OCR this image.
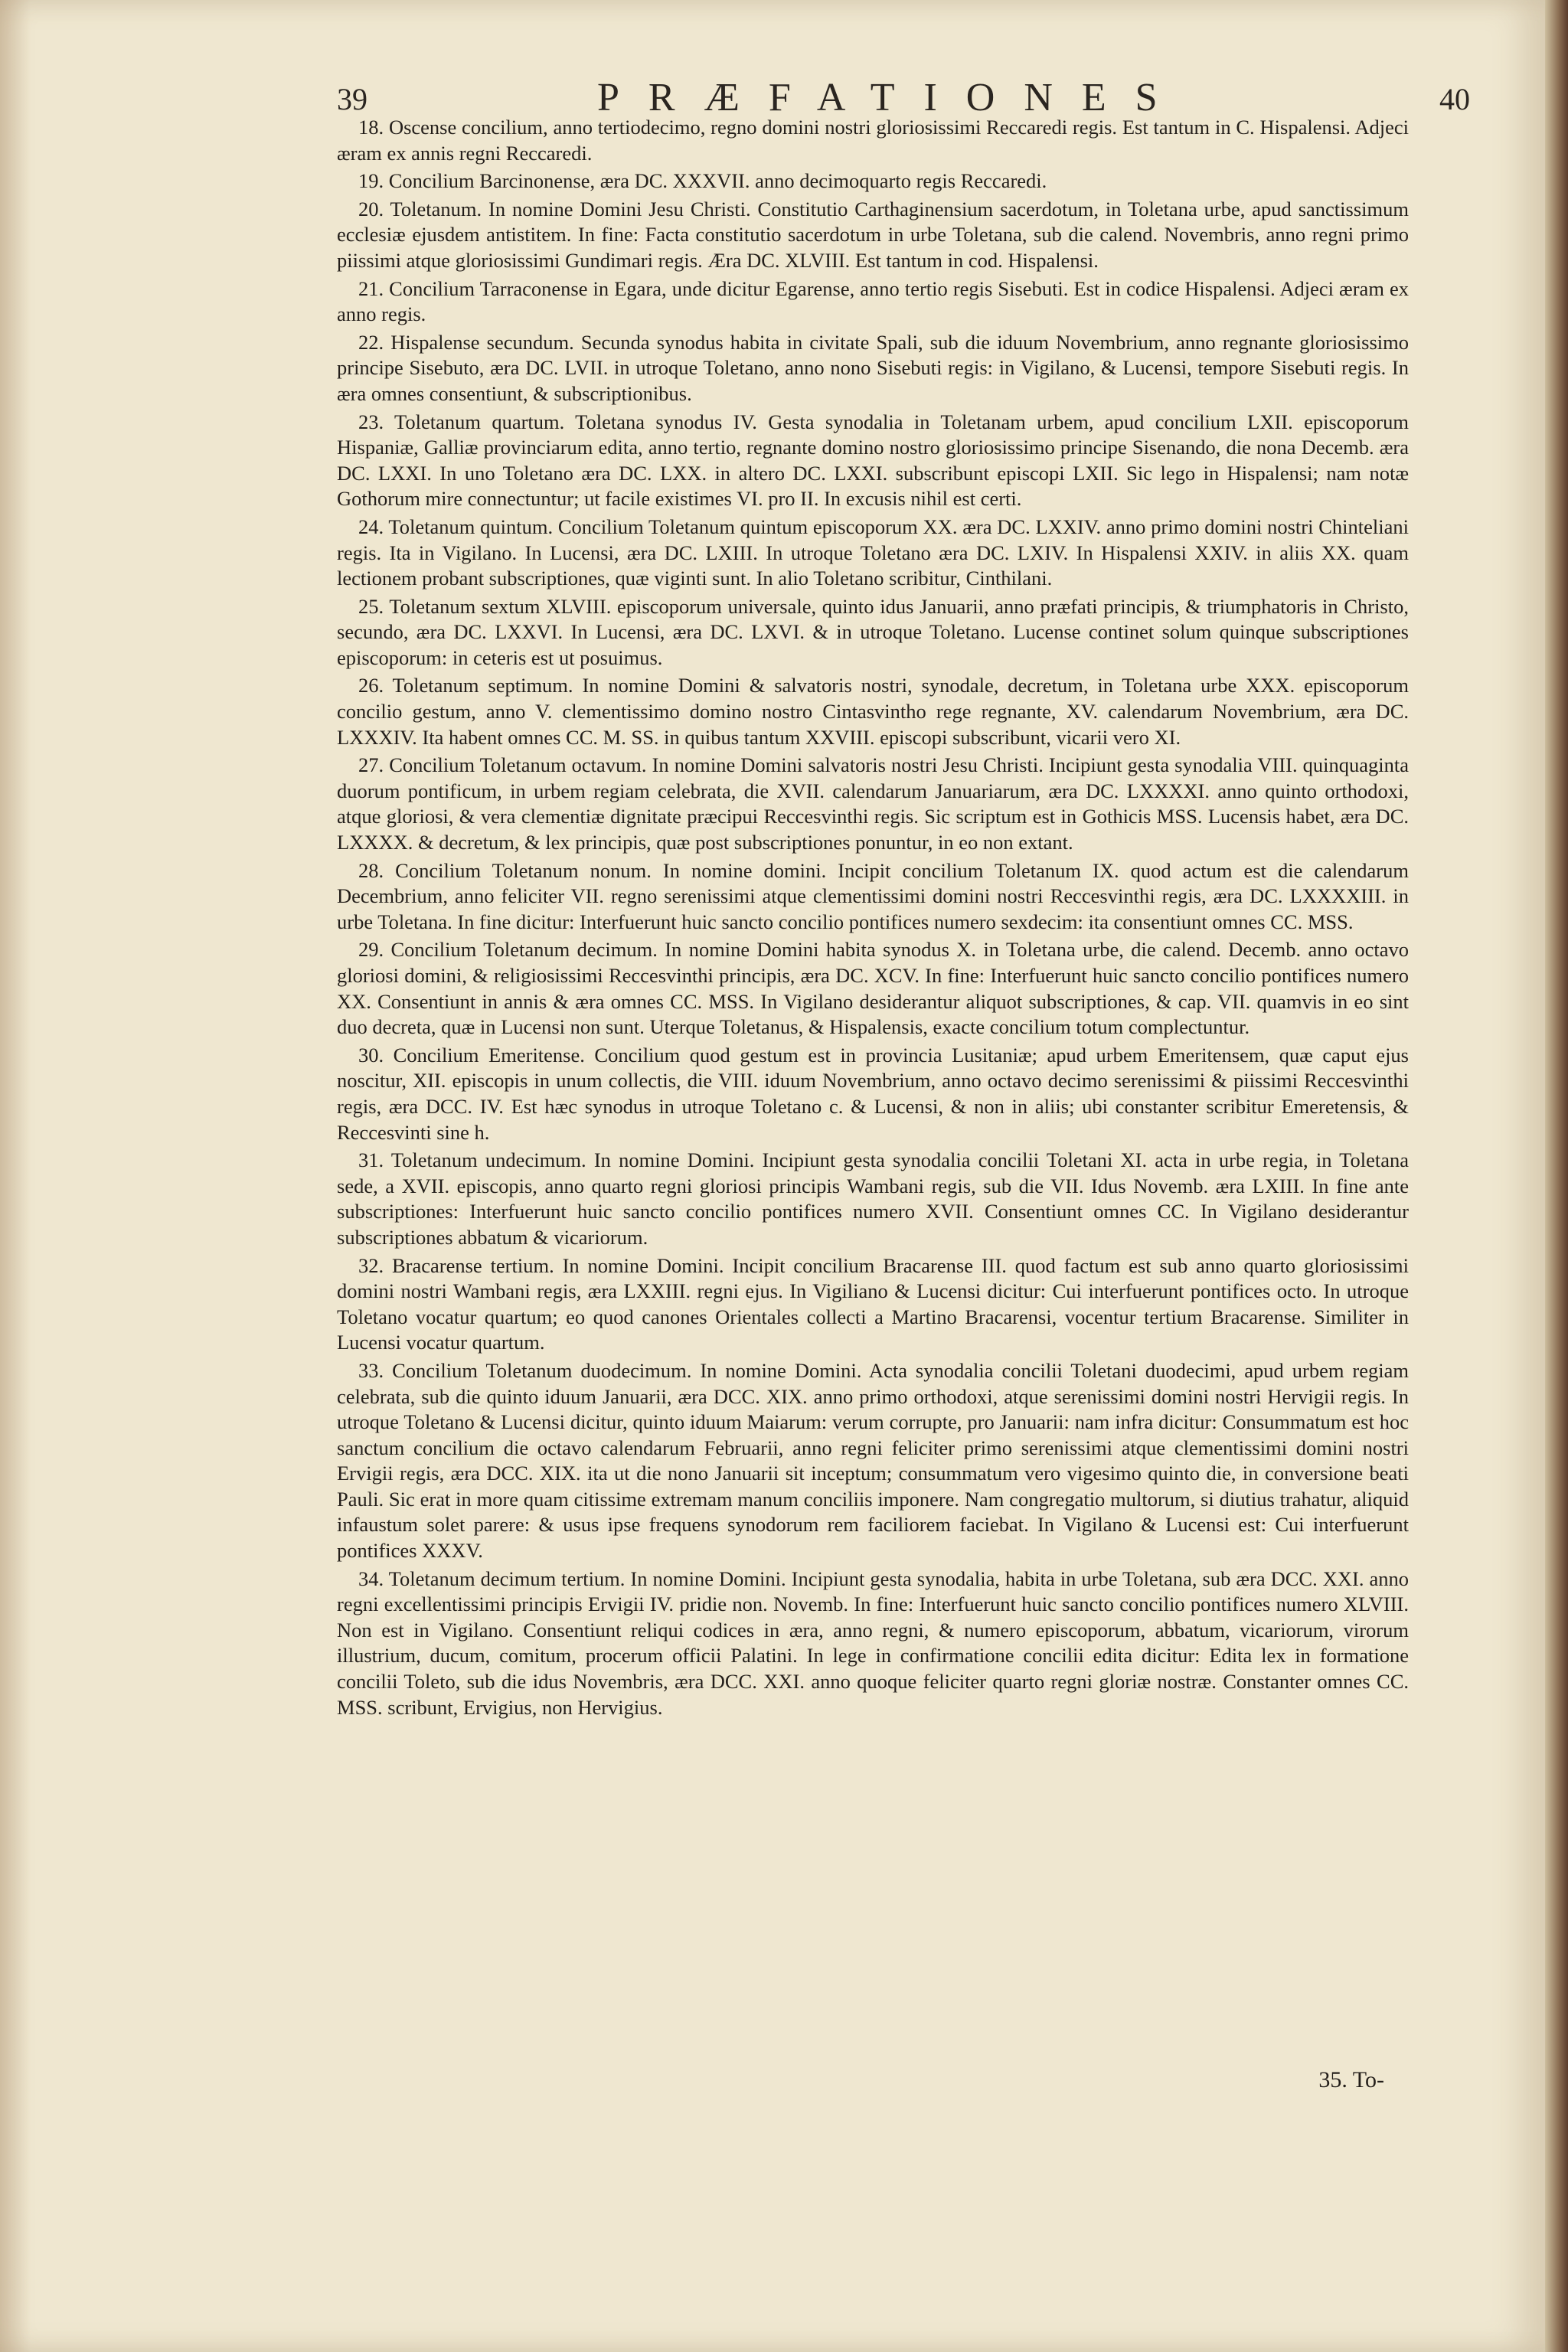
39	PRÆFATIONES	40

18. Oscense concilium, anno tertiodecimo, regno domini nostri gloriosissimi Reccaredi regis. Est tantum in C. Hispalensi. Adjeci æram ex annis regni Reccaredi.

19. Concilium Barcinonense, æra DC. XXXVII. anno decimoquarto regis Reccaredi.

20. Toletanum. In nomine Domini Jesu Christi. Constitutio Carthaginensium sacerdotum, in Toletana urbe, apud sanctissimum ecclesiæ ejusdem antistitem. In fine: Facta constitutio sacerdotum in urbe Toletana, sub die calend. Novembris, anno regni primo piissimi atque gloriosissimi Gundimari regis. Æra DC. XLVIII. Est tantum in cod. Hispalensi.

21. Concilium Tarraconense in Egara, unde dicitur Egarense, anno tertio regis Sisebuti. Est in codice Hispalensi. Adjeci æram ex anno regis.

22. Hispalense secundum. Secunda synodus habita in civitate Spali, sub die iduum Novembrium, anno regnante gloriosissimo principe Sisebuto, æra DC. LVII. in utroque Toletano, anno nono Sisebuti regis: in Vigilano, & Lucensi, tempore Sisebuti regis. In æra omnes consentiunt, & subscriptionibus.

23. Toletanum quartum. Toletana synodus IV. Gesta synodalia in Toletanam urbem, apud concilium LXII. episcoporum Hispaniæ, Galliæ provinciarum edita, anno tertio, regnante domino nostro gloriosissimo principe Sisenando, die nona Decemb. æra DC. LXXI. In uno Toletano æra DC. LXX. in altero DC. LXXI. subscribunt episcopi LXII. Sic lego in Hispalensi; nam notæ Gothorum mire connectuntur; ut facile existimes VI. pro II. In excusis nihil est certi.

24. Toletanum quintum. Concilium Toletanum quintum episcoporum XX. æra DC. LXXIV. anno primo domini nostri Chinteliani regis. Ita in Vigilano. In Lucensi, æra DC. LXIII. In utroque Toletano æra DC. LXIV. In Hispalensi XXIV. in aliis XX. quam lectionem probant subscriptiones, quæ viginti sunt. In alio Toletano scribitur, Cinthilani.

25. Toletanum sextum XLVIII. episcoporum universale, quinto idus Januarii, anno præfati principis, & triumphatoris in Christo, secundo, æra DC. LXXVI. In Lucensi, æra DC. LXVI. & in utroque Toletano. Lucense continet solum quinque subscriptiones episcoporum: in ceteris est ut posuimus.

26. Toletanum septimum. In nomine Domini & salvatoris nostri, synodale, decretum, in Toletana urbe XXX. episcoporum concilio gestum, anno V. clementissimo domino nostro Cintasvintho rege regnante, XV. calendarum Novembrium, æra DC. LXXXIV. Ita habent omnes CC. M. SS. in quibus tantum XXVIII. episcopi subscribunt, vicarii vero XI.

27. Concilium Toletanum octavum. In nomine Domini salvatoris nostri Jesu Christi. Incipiunt gesta synodalia VIII. quinquaginta duorum pontificum, in urbem regiam celebrata, die XVII. calendarum Januariarum, æra DC. LXXXXI. anno quinto orthodoxi, atque gloriosi, & vera clementiæ dignitate præcipui Reccesvinthi regis. Sic scriptum est in Gothicis MSS. Lucensis habet, æra DC. LXXXX. & decretum, & lex principis, quæ post subscriptiones ponuntur, in eo non extant.

28. Concilium Toletanum nonum. In nomine domini. Incipit concilium Toletanum IX. quod actum est die calendarum Decembrium, anno feliciter VII. regno serenissimi atque clementissimi domini nostri Reccesvinthi regis, æra DC. LXXXXIII. in urbe Toletana. In fine dicitur: Interfuerunt huic sancto concilio pontifices numero sexdecim: ita consentiunt omnes CC. MSS.

29. Concilium Toletanum decimum. In nomine Domini habita synodus X. in Toletana urbe, die calend. Decemb. anno octavo gloriosi domini, & religiosissimi Reccesvinthi principis, æra DC. XCV. In fine: Interfuerunt huic sancto concilio pontifices numero XX. Consentiunt in annis & æra omnes CC. MSS. In Vigilano desiderantur aliquot subscriptiones, & cap. VII. quamvis in eo sint duo decreta, quæ in Lucensi non sunt. Uterque Toletanus, & Hispalensis, exacte concilium totum complectuntur.

30. Concilium Emeritense. Concilium quod gestum est in provincia Lusitaniæ; apud urbem Emeritensem, quæ caput ejus noscitur, XII. episcopis in unum collectis, die VIII. iduum Novembrium, anno octavo decimo serenissimi & piissimi Reccesvinthi regis, æra DCC. IV. Est hæc synodus in utroque Toletano c. & Lucensi, & non in aliis; ubi constanter scribitur Emeretensis, & Reccesvinti sine h.

31. Toletanum undecimum. In nomine Domini. Incipiunt gesta synodalia concilii Toletani XI. acta in urbe regia, in Toletana sede, a XVII. episcopis, anno quarto regni gloriosi principis Wambani regis, sub die VII. Idus Novemb. æra LXIII. In fine ante subscriptiones: Interfuerunt huic sancto concilio pontifices numero XVII. Consentiunt omnes CC. In Vigilano desiderantur subscriptiones abbatum & vicariorum.

32. Bracarense tertium. In nomine Domini. Incipit concilium Bracarense III. quod factum est sub anno quarto gloriosissimi domini nostri Wambani regis, æra LXXIII. regni ejus. In Vigiliano & Lucensi dicitur: Cui interfuerunt pontifices octo. In utroque Toletano vocatur quartum; eo quod canones Orientales collecti a Martino Bracarensi, vocentur tertium Bracarense. Similiter in Lucensi vocatur quartum.

33. Concilium Toletanum duodecimum. In nomine Domini. Acta synodalia concilii Toletani duodecimi, apud urbem regiam celebrata, sub die quinto iduum Januarii, æra DCC. XIX. anno primo orthodoxi, atque serenissimi domini nostri Hervigii regis. In utroque Toletano & Lucensi dicitur, quinto iduum Maiarum: verum corrupte, pro Januarii: nam infra dicitur: Consummatum est hoc sanctum concilium die octavo calendarum Februarii, anno regni feliciter primo serenissimi atque clementissimi domini nostri Ervigii regis, æra DCC. XIX. ita ut die nono Januarii sit inceptum; consummatum vero vigesimo quinto die, in conversione beati Pauli. Sic erat in more quam citissime extremam manum conciliis imponere. Nam congregatio multorum, si diutius trahatur, aliquid infaustum solet parere: & usus ipse frequens synodorum rem faciliorem faciebat. In Vigilano & Lucensi est: Cui interfuerunt pontifices XXXV.

34. Toletanum decimum tertium. In nomine Domini. Incipiunt gesta synodalia, habita in urbe Toletana, sub æra DCC. XXI. anno regni excellentissimi principis Ervigii IV. pridie non. Novemb. In fine: Interfuerunt huic sancto concilio pontifices numero XLVIII. Non est in Vigilano. Consentiunt reliqui codices in æra, anno regni, & numero episcoporum, abbatum, vicariorum, virorum illustrium, ducum, comitum, procerum officii Palatini. In lege in confirmatione concilii edita dicitur: Edita lex in formatione concilii Toleto, sub die idus Novembris, æra DCC. XXI. anno quoque feliciter quarto regni gloriæ nostræ. Constanter omnes CC. MSS. scribunt, Ervigius, non Hervigius.

35. To-
